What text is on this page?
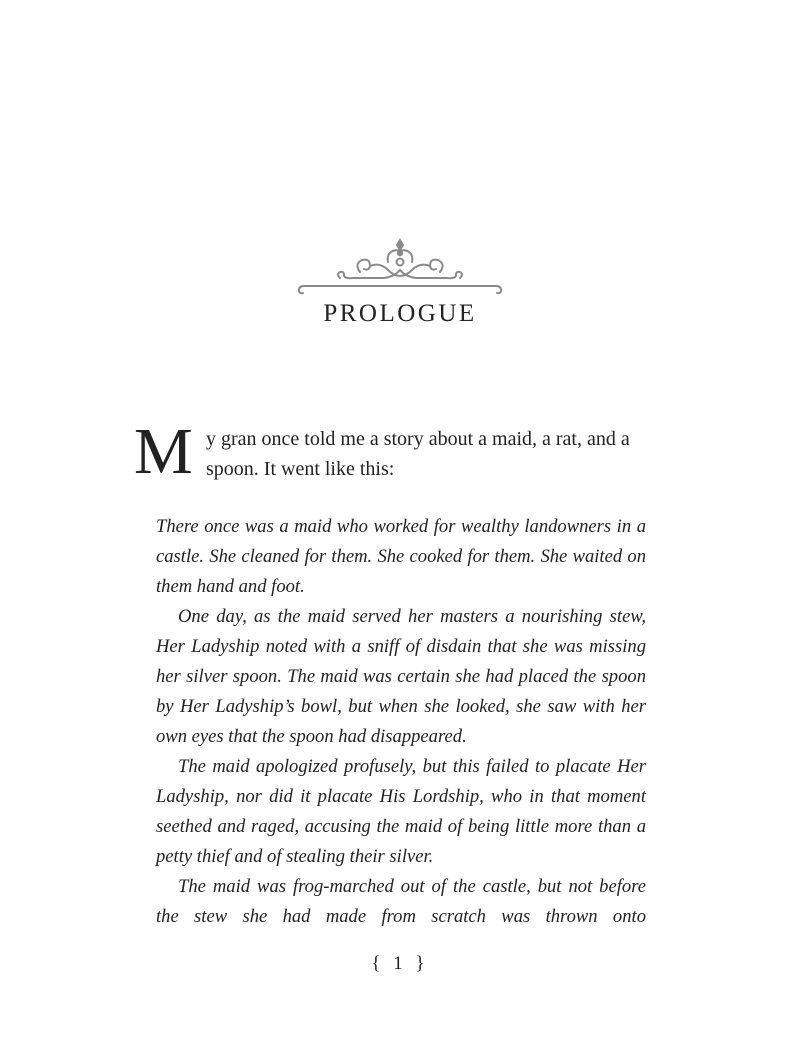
PROLOGUE
M y gran once told me a story about a maid, a rat, and a
spoon. It went like this:

There once was a maid who worked for wealthy landowners in a castle. She cleaned for them. She cooked for them. She waited on them hand and foot.

One day, as the maid served her masters a nourishing stew, Her Ladyship noted with a sniff of disdain that she was missing her silver spoon. The maid was certain she had placed the spoon by Her Ladyship’s bowl, but when she looked, she saw with her own eyes that the spoon had disappeared.

The maid apologized profusely, but this failed to placate Her Ladyship, nor did it placate His Lordship, who in that moment seethed and raged, accusing the maid of being little more than a petty thief and of stealing their silver.

The maid was frog-marched out of the castle, but not before the stew she had made from scratch was thrown onto

{ 1 }
